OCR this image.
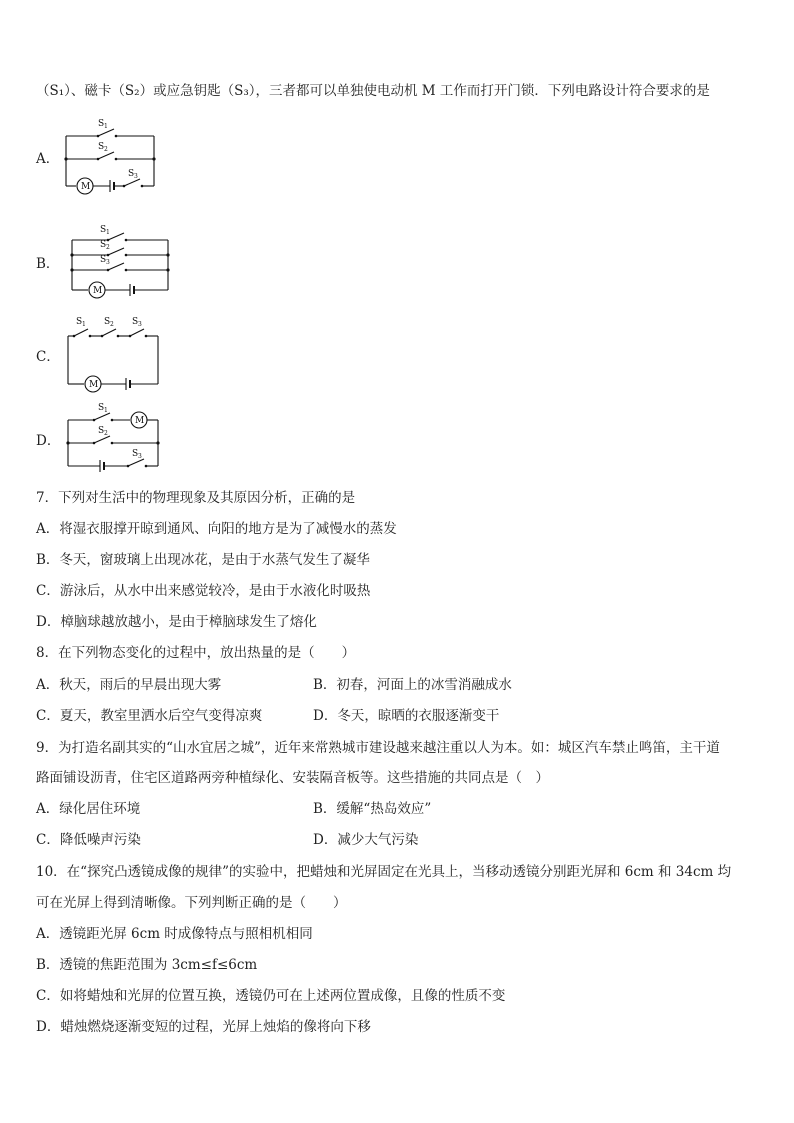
（S₁）、磁卡（S₂）或应急钥匙（S₃），三者都可以单独使电动机 M 工作而打开门锁．下列电路设计符合要求的是
A．
S 1
S 2
S 3
M
B．
S 1
S 2
S 3
M
C．
S 1 S 2 S 3
M
D．
S 1
S 2
S 3
M
7．下列对生活中的物理现象及其原因分析，正确的是
A．将湿衣服撑开晾到通风、向阳的地方是为了减慢水的蒸发
B．冬天，窗玻璃上出现冰花，是由于水蒸气发生了凝华
C．游泳后，从水中出来感觉较冷，是由于水液化时吸热
D．樟脑球越放越小，是由于樟脑球发生了熔化
8．在下列物态变化的过程中，放出热量的是（　　）
A．秋天，雨后的早晨出现大雾	B．初春，河面上的冰雪消融成水
C．夏天，教室里洒水后空气变得凉爽	D．冬天，晾晒的衣服逐渐变干
9．为打造名副其实的“山水宜居之城”，近年来常熟城市建设越来越注重以人为本。如：城区汽车禁止鸣笛，主干道
路面铺设沥青，住宅区道路两旁种植绿化、安装隔音板等。这些措施的共同点是（　）
A．绿化居住环境	B．缓解“热岛效应”
C．降低噪声污染	D．减少大气污染
10．在“探究凸透镜成像的规律”的实验中，把蜡烛和光屏固定在光具上，当移动透镜分别距光屏和 6cm 和 34cm 均
可在光屏上得到清晰像。下列判断正确的是（　　）
A．透镜距光屏 6cm 时成像特点与照相机相同
B．透镜的焦距范围为 3cm≤f≤6cm
C．如将蜡烛和光屏的位置互换，透镜仍可在上述两位置成像，且像的性质不变
D．蜡烛燃烧逐渐变短的过程，光屏上烛焰的像将向下移
